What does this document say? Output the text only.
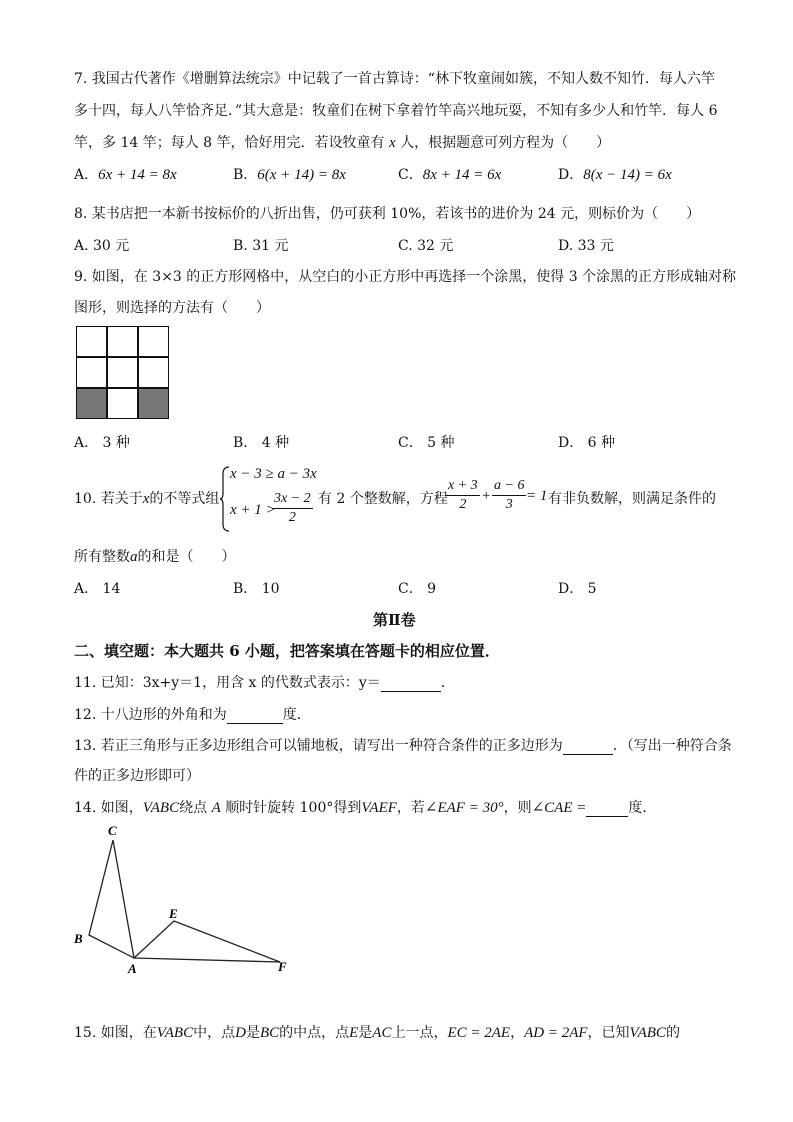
7. 我国古代著作《增删算法统宗》中记载了一首古算诗：“林下牧童闹如簇，不知人数不知竹．每人六竿
多十四，每人八竿恰齐足．”其大意是：牧童们在树下拿着竹竿高兴地玩耍，不知有多少人和竹竿．每人 6
竿，多 14 竿；每人 8 竿，恰好用完．若设牧童有 x 人，根据题意可列方程为（　　）
A．6x + 14 = 8x	B．6(x + 14) = 8x	C．8x + 14 = 6x	D．8(x − 14) = 6x
8. 某书店把一本新书按标价的八折出售，仍可获利 10%，若该书的进价为 24 元，则标价为（　　）
A. 30 元	B. 31 元	C. 32 元	D. 33 元
9. 如图，在 3×3 的正方形网格中，从空白的小正方形中再选择一个涂黑，使得 3 个涂黑的正方形成轴对称
图形，则选择的方法有（　　）
A． 3 种	B． 4 种	C． 5 种	D． 6 种
10. 若关于x的不等式组
x − 3 ≥ a − 3x
x + 1 >
$\frac{3x - 2}{2}$ 有 2 个整数解，方程
$\frac{x + 3}{2} + \frac{a - 6}{3} = 1$ 有非负数解，则满足条件的
所有整数a的和是（　　）
A． 14	B． 10	C． 9	D． 5
第Ⅱ卷
二、填空题：本大题共 6 小题，把答案填在答题卡的相应位置．
11. 已知：3x+y＝1，用含 x 的代数式表示：y＝	．
12. 十八边形的外角和为	度．
13. 若正三角形与正多边形组合可以铺地板，请写出一种符合条件的正多边形为	．（写出一种符合条
件的正多边形即可）
14. 如图，VABC绕点 A 顺时针旋转 100°得到VAEF，若∠EAF = 30°，则∠CAE =	度．
C
B
A
E
F
15. 如图，在VABC中，点D是BC的中点，点E是AC上一点，EC = 2AE，AD = 2AF，已知VABC的
